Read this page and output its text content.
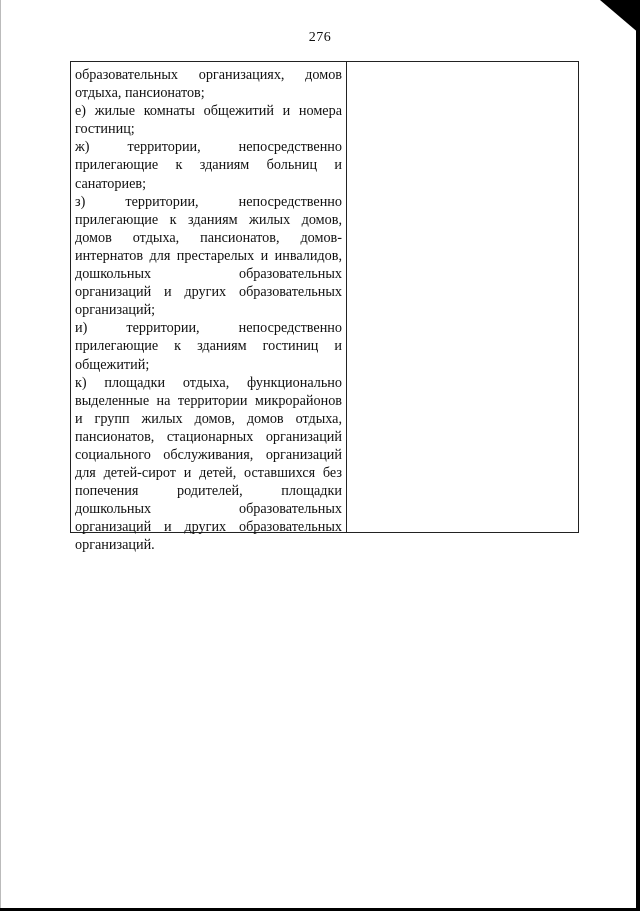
276
образовательных организациях, домов
отдыха, пансионатов;
е) жилые комнаты общежитий и номера
гостиниц;
ж) территории, непосредственно
прилегающие к зданиям больниц и
санаториев;
з) территории, непосредственно
прилегающие к зданиям жилых домов,
домов отдыха, пансионатов, домов-
интернатов для престарелых и инвалидов,
дошкольных образовательных
организаций и других образовательных
организаций;
и) территории, непосредственно
прилегающие к зданиям гостиниц и
общежитий;
к) площадки отдыха, функционально
выделенные на территории микрорайонов
и групп жилых домов, домов отдыха,
пансионатов, стационарных организаций
социального обслуживания, организаций
для детей-сирот и детей, оставшихся без
попечения родителей, площадки
дошкольных образовательных
организаций и других образовательных
организаций.
